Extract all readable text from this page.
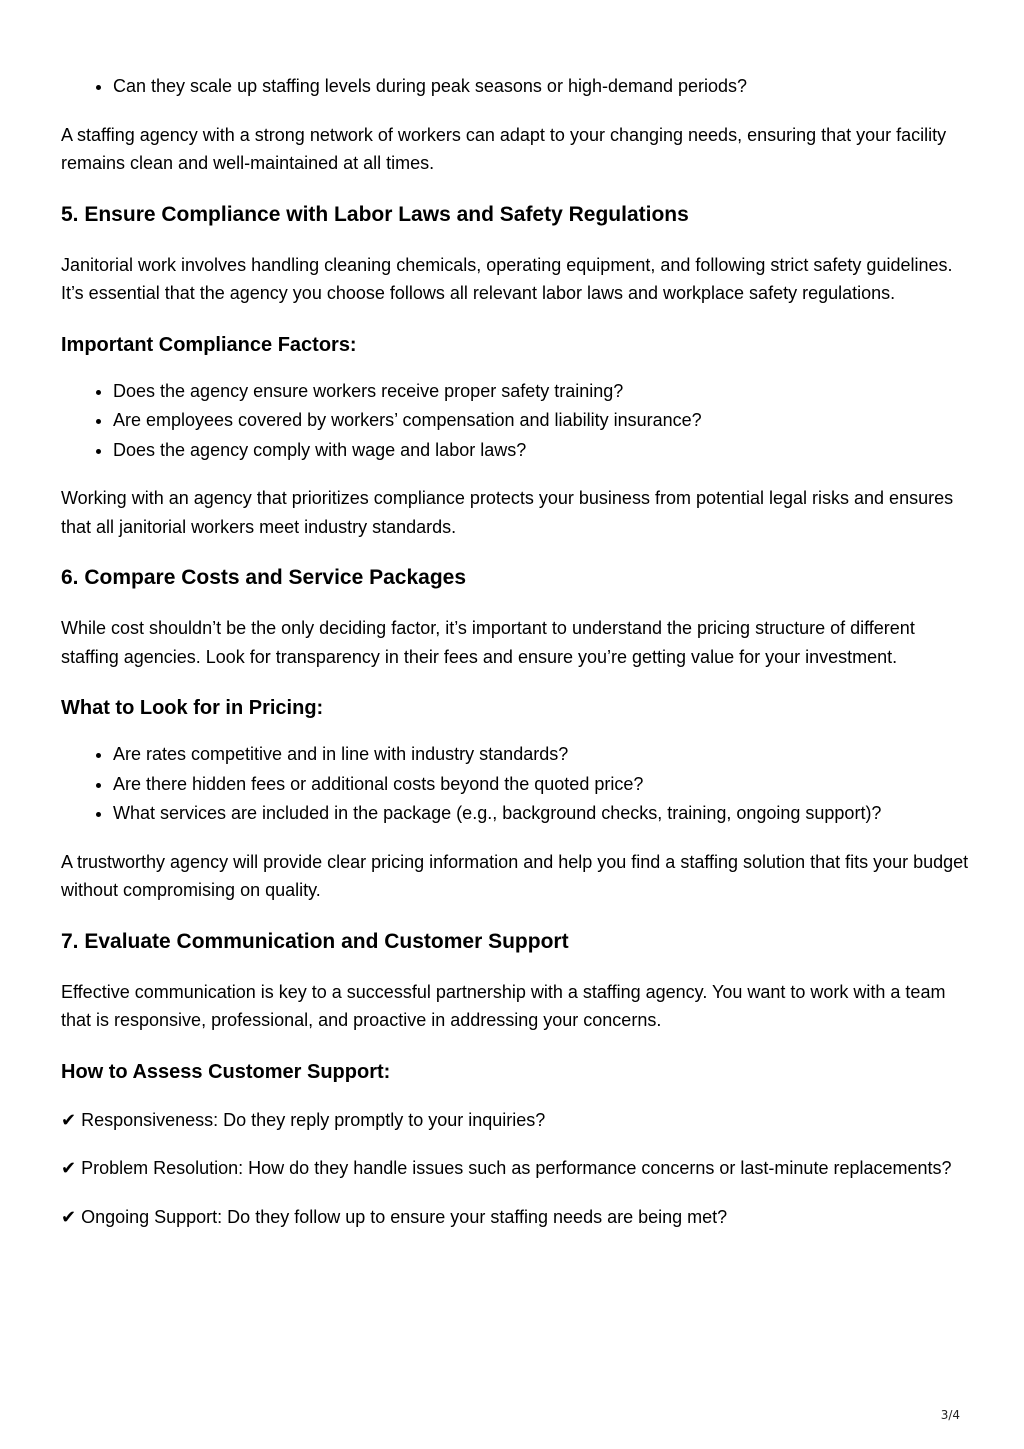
• Can they scale up staffing levels during peak seasons or high-demand periods?

A staffing agency with a strong network of workers can adapt to your changing needs, ensuring that your facility remains clean and well-maintained at all times.

5. Ensure Compliance with Labor Laws and Safety Regulations

Janitorial work involves handling cleaning chemicals, operating equipment, and following strict safety guidelines. It’s essential that the agency you choose follows all relevant labor laws and workplace safety regulations.

Important Compliance Factors:
• Does the agency ensure workers receive proper safety training?
• Are employees covered by workers’ compensation and liability insurance?
• Does the agency comply with wage and labor laws?

Working with an agency that prioritizes compliance protects your business from potential legal risks and ensures that all janitorial workers meet industry standards.

6. Compare Costs and Service Packages

While cost shouldn’t be the only deciding factor, it’s important to understand the pricing structure of different staffing agencies. Look for transparency in their fees and ensure you’re getting value for your investment.

What to Look for in Pricing:
• Are rates competitive and in line with industry standards?
• Are there hidden fees or additional costs beyond the quoted price?
• What services are included in the package (e.g., background checks, training, ongoing support)?

A trustworthy agency will provide clear pricing information and help you find a staffing solution that fits your budget without compromising on quality.

7. Evaluate Communication and Customer Support

Effective communication is key to a successful partnership with a staffing agency. You want to work with a team that is responsive, professional, and proactive in addressing your concerns.

How to Assess Customer Support:

✔ Responsiveness: Do they reply promptly to your inquiries?

✔ Problem Resolution: How do they handle issues such as performance concerns or last-minute replacements?

✔ Ongoing Support: Do they follow up to ensure your staffing needs are being met?

3/4
